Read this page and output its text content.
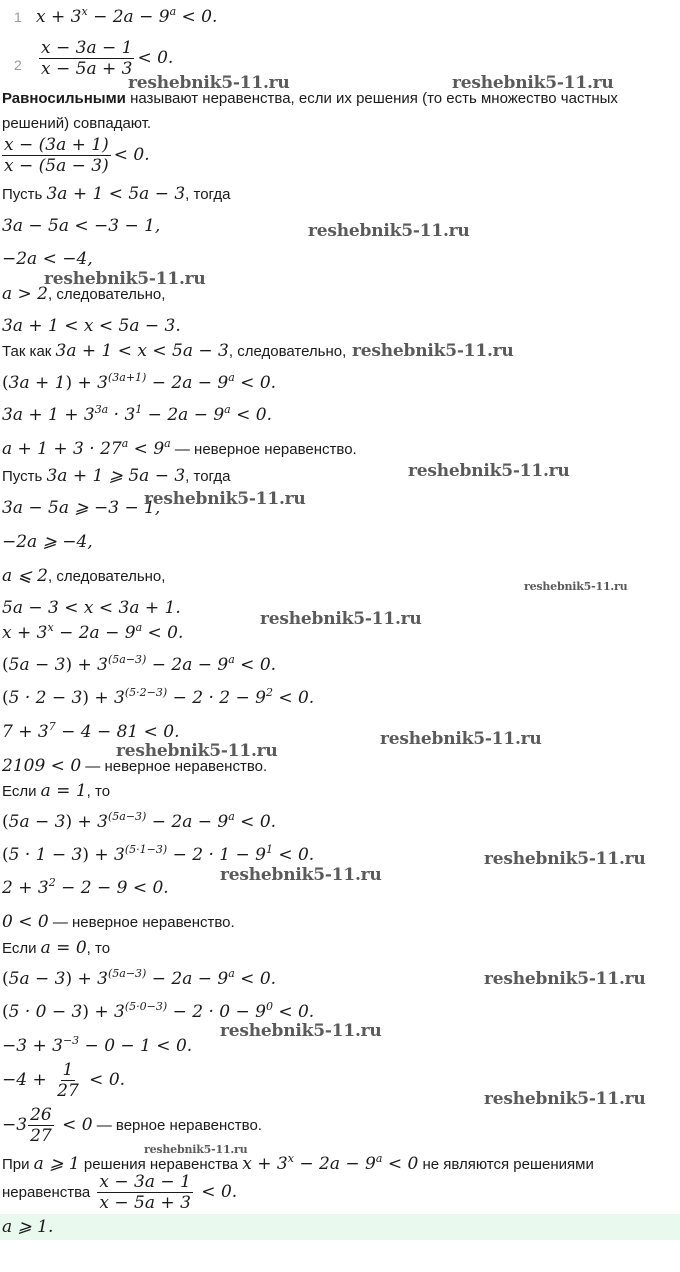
1 $x + 3^x - 2a - 9^a < 0$.
$2 \frac{x - 3a - 1}{x - 5a + 3} < 0$.
Равносильными называют неравенства, если их решения (то есть множество частных
решений) совпадают.
$\frac{x - (3a + 1)}{x - (5a - 3)} < 0$.
Пусть 3a + 1 < 5a − 3, тогда
3a − 5a < −3 − 1,
−2a < −4,
a > 2, следовательно,
3a + 1 < x < 5a − 3.
Так как 3a + 1 < x < 5a − 3, следовательно,
$(3a + 1) + 3^{(3a+1)} - 2a - 9^a < 0$.
$3a + 1 + 3^{3a} \cdot 3^1 - 2a - 9^a < 0$.
$a + 1 + 3 \cdot 27^a < 9^a$ — неверное неравенство.
Пусть 3a + 1 ⩾ 5a − 3, тогда
3a − 5a ⩾ −3 − 1,
−2a ⩾ −4,
a ⩽ 2, следовательно,
5a − 3 < x < 3a + 1.
$x + 3^x - 2a - 9^a < 0$.
$(5a - 3) + 3^{(5a-3)} - 2a - 9^a < 0$.
$(5 \cdot 2 - 3) + 3^{(5\cdot 2-3)} - 2 \cdot 2 - 9^2 < 0$.
$7 + 3^7 - 4 - 81 < 0$.
2109 < 0 — неверное неравенство.
Если a = 1, то
$(5a - 3) + 3^{(5a-3)} - 2a - 9^a < 0$.
$(5 \cdot 1 - 3) + 3^{(5\cdot 1-3)} - 2 \cdot 1 - 9^1 < 0$.
$2 + 3^2 - 2 - 9 < 0$.
0 < 0 — неверное неравенство.
Если a = 0, то
$(5a - 3) + 3^{(5a-3)} - 2a - 9^a < 0$.
$(5 \cdot 0 - 3) + 3^{(5\cdot 0-3)} - 2 \cdot 0 - 9^0 < 0$.
$-3 + 3^{-3} - 0 - 1 < 0$.
$-4 + \frac{1}{27} < 0$.
$-3 \frac{26}{27} < 0$ — верное неравенство.
При a ⩾ 1 решения неравенства $x + 3^x - 2a - 9^a < 0$ не являются решениями
неравенства $\frac{x - 3a - 1}{x - 5a + 3} < 0$.
a ⩾ 1.
reshebnik5-11.ru	reshebnik5-11.ru
reshebnik5-11.ru
reshebnik5-11.ru
reshebnik5-11.ru
reshebnik5-11.ru
reshebnik5-11.ru
reshebnik5-11.ru
reshebnik5-11.ru
reshebnik5-11.ru
reshebnik5-11.ru
reshebnik5-11.ru
reshebnik5-11.ru
reshebnik5-11.ru
reshebnik5-11.ru
reshebnik5-11.ru
reshebnik5-11.ru
